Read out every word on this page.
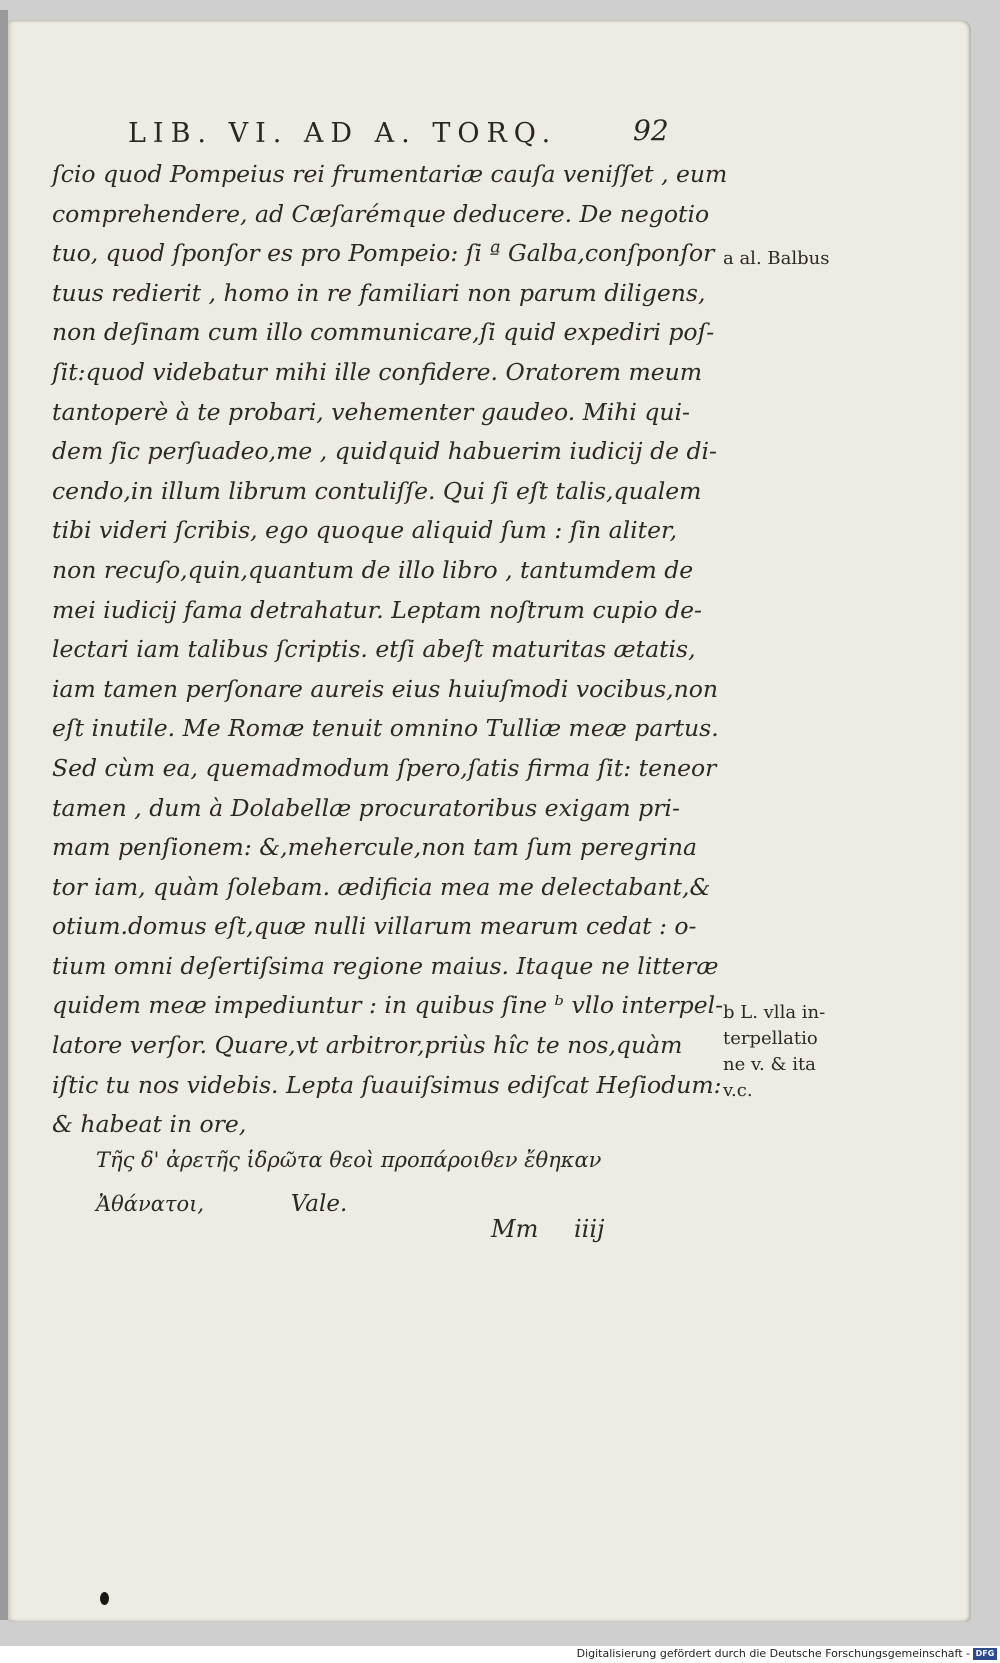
LIB. VI. AD A. TORQ.	92
ſcio quod Pompeius rei frumentariæ cauſa veniſſet , eum
comprehendere, ad Cæſarémque deducere. De negotio
tuo, quod ſponſor es pro Pompeio: ſi ª Galba,conſponſor
tuus redierit , homo in re familiari non parum diligens,
non deſinam cum illo communicare,ſi quid expediri poſ-
ſit:quod videbatur mihi ille confidere. Oratorem meum
tantoperè à te probari, vehementer gaudeo. Mihi qui-
dem ſic perſuadeo,me , quidquid habuerim iudicij de di-
cendo,in illum librum contuliſſe. Qui ſi eſt talis,qualem
tibi videri ſcribis, ego quoque aliquid ſum : ſin aliter,
non recuſo,quin,quantum de illo libro , tantumdem de
mei iudicij fama detrahatur. Leptam noſtrum cupio de-
lectari iam talibus ſcriptis. etſi abeſt maturitas ætatis,
iam tamen perſonare aureis eius huiuſmodi vocibus,non
eſt inutile. Me Romæ tenuit omnino Tulliæ meæ partus.
Sed cùm ea, quemadmodum ſpero,ſatis firma ſit: teneor
tamen , dum à Dolabellæ procuratoribus exigam pri-
mam penſionem: &,mehercule,non tam ſum peregrina
tor iam, quàm ſolebam. ædificia mea me delectabant,&
otium.domus eſt,quæ nulli villarum mearum cedat : o-
tium omni deſertiſsima regione maius. Itaque ne litteræ
quidem meæ impediuntur : in quibus ſine ᵇ vllo interpel-
latore verſor. Quare,vt arbitror,priùs hîc te nos,quàm
iſtic tu nos videbis. Lepta ſuauiſsimus ediſcat Heſiodum:
& habeat in ore,
Τῆς δ' ἀρετῆς ἱδρῶτα θεοὶ προπάροιθεν ἔθηκαν
Ἀθάνατοι,	Vale.
Mm iiij
a al. Balbus
b L. vlla in-
terpellatio
ne v. & ita
v.c.
Digitalisierung gefördert durch die Deutsche Forschungsgemeinschaft - DFG
